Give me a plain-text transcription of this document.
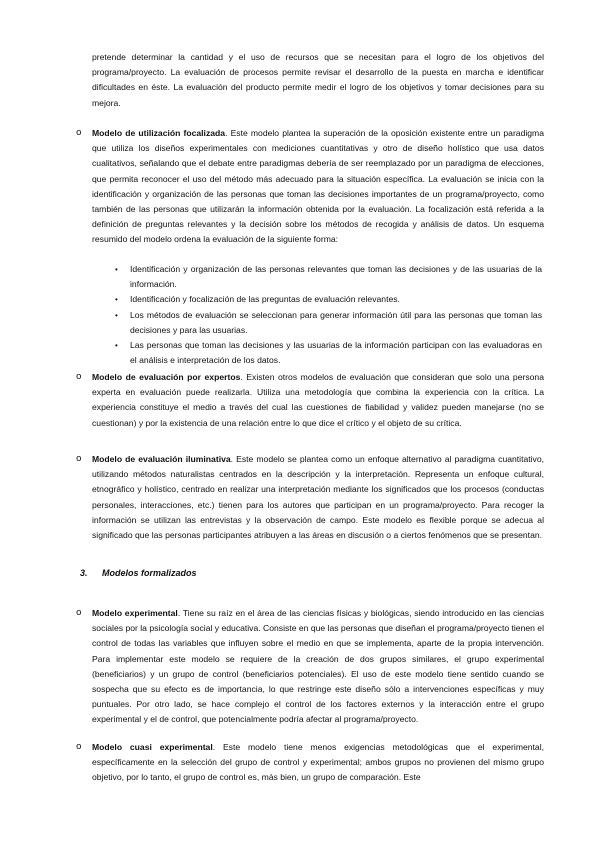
pretende determinar la cantidad y el uso de recursos que se necesitan para el logro de los objetivos del programa/proyecto. La evaluación de procesos permite revisar el desarrollo de la puesta en marcha e identificar dificultades en éste. La evaluación del producto permite medir el logro de los objetivos y tomar decisiones para su mejora.

o Modelo de utilización focalizada. Este modelo plantea la superación de la oposición existente entre un paradigma que utiliza los diseños experimentales con mediciones cuantitativas y otro de diseño holístico que usa datos cualitativos, señalando que el debate entre paradigmas debería de ser reemplazado por un paradigma de elecciones, que permita reconocer el uso del método más adecuado para la situación específica. La evaluación se inicia con la identificación y organización de las personas que toman las decisiones importantes de un programa/proyecto, como también de las personas que utilizarán la información obtenida por la evaluación. La focalización está referida a la definición de preguntas relevantes y la decisión sobre los métodos de recogida y análisis de datos. Un esquema resumido del modelo ordena la evaluación de la siguiente forma:

• Identificación y organización de las personas relevantes que toman las decisiones y de las usuarias de la información.
• Identificación y focalización de las preguntas de evaluación relevantes.
• Los métodos de evaluación se seleccionan para generar información útil para las personas que toman las decisiones y para las usuarias.
• Las personas que toman las decisiones y las usuarias de la información participan con las evaluadoras en el análisis e interpretación de los datos.
o Modelo de evaluación por expertos. Existen otros modelos de evaluación que consideran que solo una persona experta en evaluación puede realizarla. Utiliza una metodología que combina la experiencia con la crítica. La experiencia constituye el medio a través del cual las cuestiones de fiabilidad y validez pueden manejarse (no se cuestionan) y por la existencia de una relación entre lo que dice el crítico y el objeto de su crítica.

o Modelo de evaluación iluminativa. Este modelo se plantea como un enfoque alternativo al paradigma cuantitativo, utilizando métodos naturalistas centrados en la descripción y la interpretación. Representa un enfoque cultural, etnográfico y holístico, centrado en realizar una interpretación mediante los significados que los procesos (conductas personales, interacciones, etc.) tienen para los autores que participan en un programa/proyecto. Para recoger la información se utilizan las entrevistas y la observación de campo. Este modelo es flexible porque se adecua al significado que las personas participantes atribuyen a las áreas en discusión o a ciertos fenómenos que se presentan.

3. Modelos formalizados
o Modelo experimental. Tiene su raíz en el área de las ciencias físicas y biológicas, siendo introducido en las ciencias sociales por la psicología social y educativa. Consiste en que las personas que diseñan el programa/proyecto tienen el control de todas las variables que influyen sobre el medio en que se implementa, aparte de la propia intervención. Para implementar este modelo se requiere de la creación de dos grupos similares, el grupo experimental (beneficiarios) y un grupo de control (beneficiarios potenciales). El uso de este modelo tiene sentido cuando se sospecha que su efecto es de importancia, lo que restringe este diseño sólo a intervenciones específicas y muy puntuales. Por otro lado, se hace complejo el control de los factores externos y la interacción entre el grupo experimental y el de control, que potencialmente podría afectar al programa/proyecto.

o Modelo cuasi experimental. Este modelo tiene menos exigencias metodológicas que el experimental, específicamente en la selección del grupo de control y experimental; ambos grupos no provienen del mismo grupo objetivo, por lo tanto, el grupo de control es, más bien, un grupo de comparación. Este
